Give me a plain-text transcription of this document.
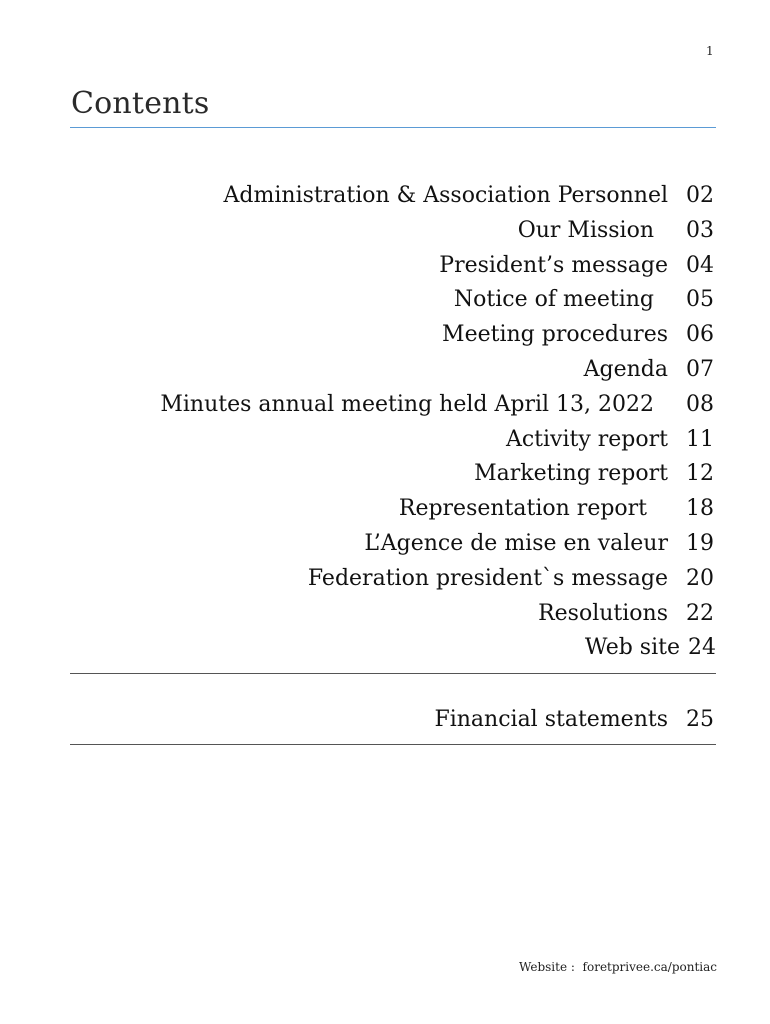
1
Contents
Administration & Association Personnel 02
Our Mission 03
President’s message 04
Notice of meeting 05
Meeting procedures 06
Agenda 07
Minutes annual meeting held April 13, 2022 08
Activity report 11
Marketing report 12
Representation report 18
L’Agence de mise en valeur 19
Federation president`s message 20
Resolutions 22
Web site 24
Financial statements 25
Website :  foretprivee.ca/pontiac
